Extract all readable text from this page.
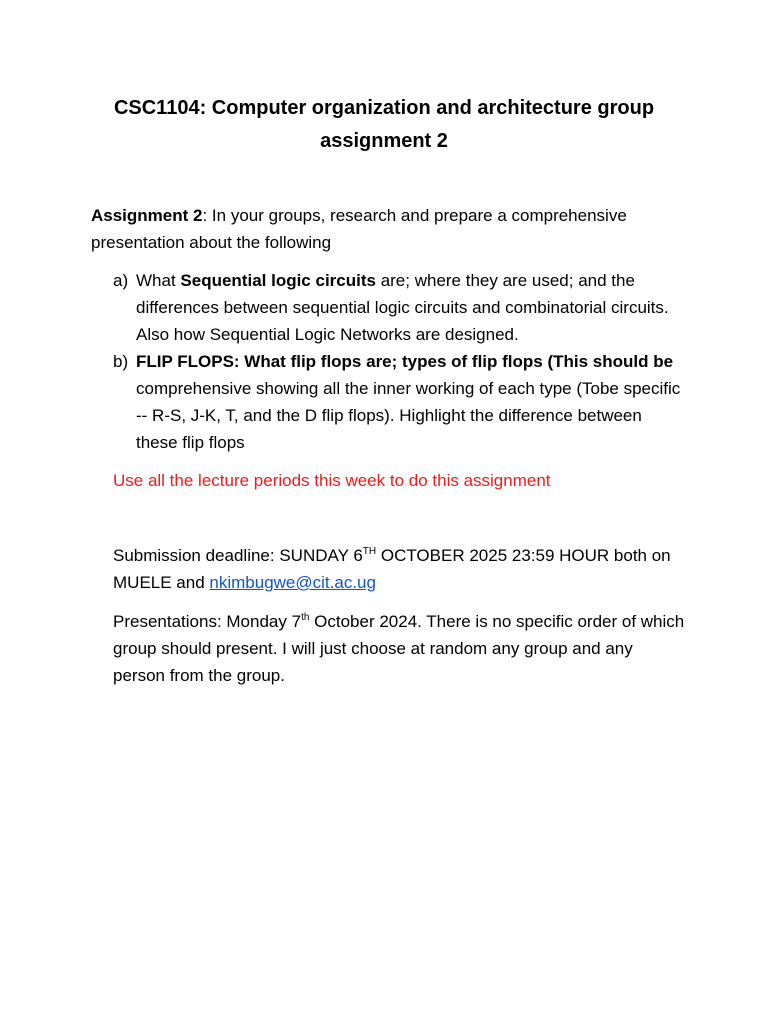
CSC1104: Computer organization and architecture group
assignment 2
Assignment 2: In your groups, research and prepare a comprehensive presentation about the following
a) What Sequential logic circuits are; where they are used; and the differences between sequential logic circuits and combinatorial circuits. Also how Sequential Logic Networks are designed.
b) FLIP FLOPS: What flip flops are; types of flip flops (This should be comprehensive showing all the inner working of each type (Tobe specific -- R-S, J-K, T, and the D flip flops). Highlight the difference between these flip flops
Use all the lecture periods this week to do this assignment
Submission deadline: SUNDAY 6TH OCTOBER 2025 23:59 HOUR both on MUELE and nkimbugwe@cit.ac.ug
Presentations: Monday 7th October 2024. There is no specific order of which group should present. I will just choose at random any group and any person from the group.
